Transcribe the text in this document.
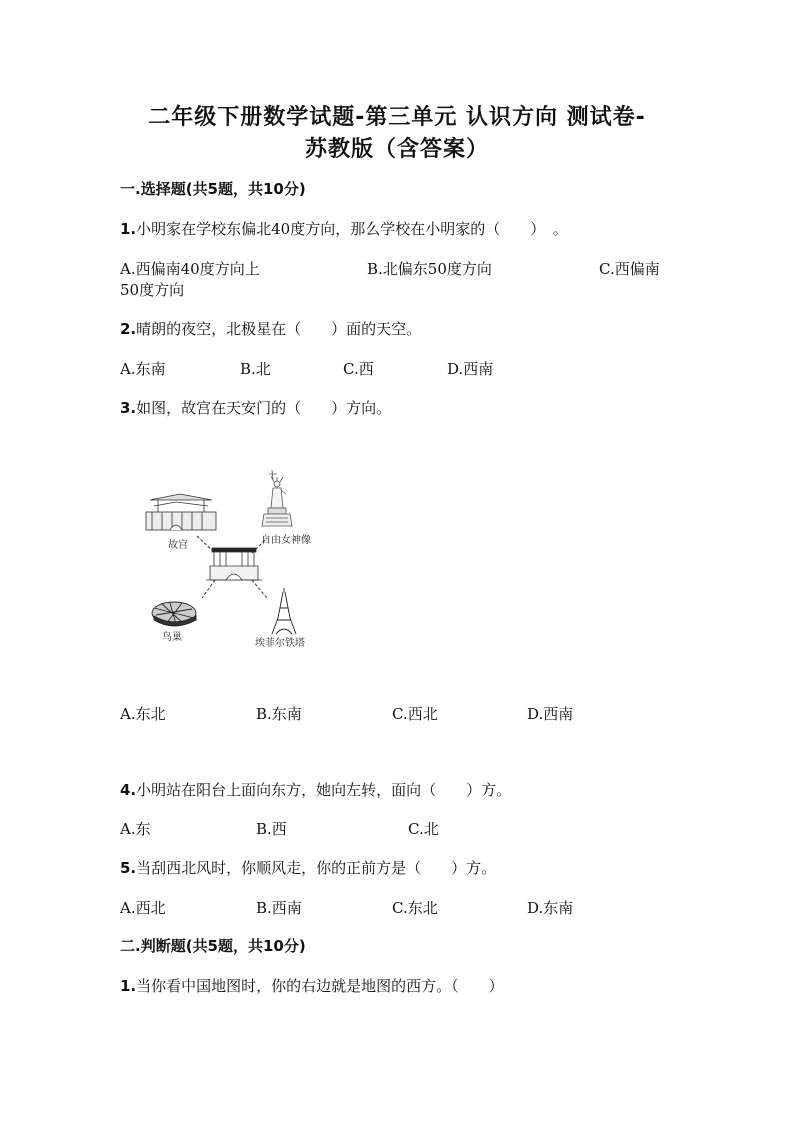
二年级下册数学试题-第三单元 认识方向 测试卷-
苏教版（含答案）
一.选择题(共5题，共10分)
1.小明家在学校东偏北40度方向，那么学校在小明家的（　　）　。
A.西偏南40度方向上	B.北偏东50度方向	C.西偏南
50度方向
2.晴朗的夜空，北极星在（　　）面的天空。
A.东南	B.北	C.西	D.西南
3.如图，故宫在天安门的（　　）方向。
故宫	自由女神像
鸟巢
埃菲尔铁塔
A.东北	B.东南	C.西北	D.西南
4.小明站在阳台上面向东方，她向左转，面向（　　）方。
A.东	B.西	C.北
5.当刮西北风时，你顺风走，你的正前方是（　　）方。
A.西北	B.西南	C.东北	D.东南
二.判断题(共5题，共10分)
1.当你看中国地图时，你的右边就是地图的西方。（　　）
